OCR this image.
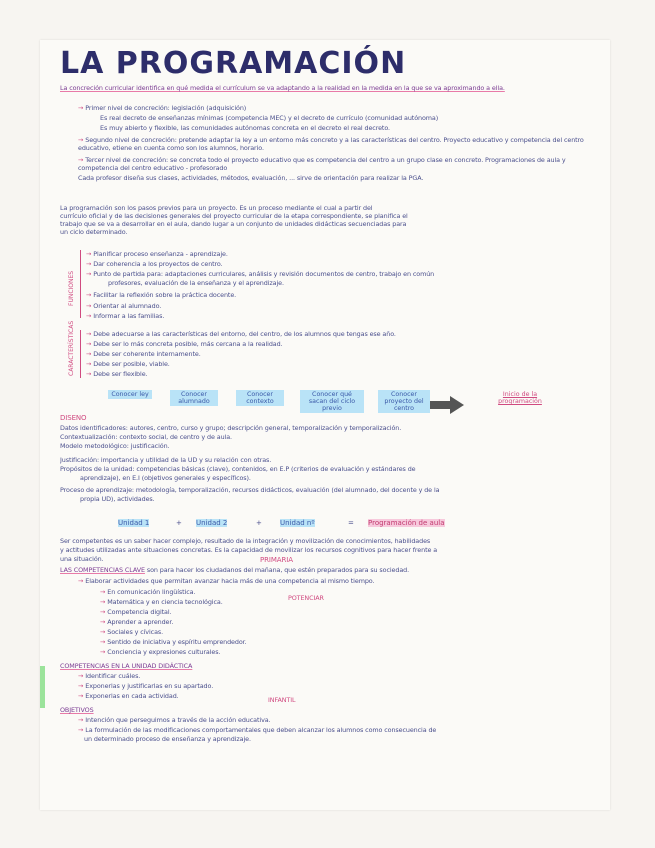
LA PROGRAMACIÓN
La concreción curricular identifica en qué medida el currículum se va adaptando a la realidad en la medida en la que se va aproximando a ella.
→ Primer nivel de concreción: legislación (adquisición)
Es real decreto de enseñanzas mínimas (competencia MEC) y el decreto de currículo (comunidad autónoma)
Es muy abierto y flexible, las comunidades autónomas concreta en el decreto el real decreto.
→ Segundo nivel de concreción: pretende adaptar la ley a un entorno más concreto y a las características del centro. Proyecto educativo y competencia del centro educativo, etiene en cuenta como son los alumnos, horario.
→ Tercer nivel de concreción: se concreta todo el proyecto educativo que es competencia del centro a un grupo clase en concreto. Programaciones de aula y competencia del centro educativo - profesorado
Cada profesor diseña sus clases, actividades, métodos, evaluación, ... sirve de orientación para realizar la PGA.
La programación son los pasos previos para un proyecto. Es un proceso mediante el cual a partir del
currículo oficial y de las decisiones generales del proyecto curricular de la etapa correspondiente, se planifica el
trabajo que se va a desarrollar en el aula, dando lugar a un conjunto de unidades didácticas secuenciadas para
un ciclo determinado.
FUNCIONES
→ Planificar proceso enseñanza - aprendizaje.
→ Dar coherencia a los proyectos de centro.
→ Punto de partida para: adaptaciones curriculares, análisis y revisión documentos de centro, trabajo en común
profesores, evaluación de la enseñanza y el aprendizaje.
→ Facilitar la reflexión sobre la práctica docente.
→ Orientar al alumnado.
→ Informar a las familias.
CARACTERÍSTICAS → Debe adecuarse a las características del entorno, del centro, de los alumnos que tengas ese año.
→ Debe ser lo más concreta posible, más cercana a la realidad.
→ Debe ser coherente internamente.
→ Debe ser posible, viable.
→ Debe ser flexible.
Conocer ley	Conocer alumnado
Conocer contexto
Conocer qué sacan del ciclo previo
Conocer proyecto del centro
Inicio de la programación
DISEÑO
Datos identificadores: autores, centro, curso y grupo; descripción general, temporalización y temporalización.
Contextualización: contexto social, de centro y de aula.
Modelo metodológico: justificación.
Justificación: importancia y utilidad de la UD y su relación con otras.
Propósitos de la unidad: competencias básicas (clave), contenidos, en E.P (criterios de evaluación y estándares de
aprendizaje), en E.I (objetivos generales y específicos).
Proceso de aprendizaje: metodología, temporalización, recursos didácticos, evaluación (del alumnado, del docente y de la
propia UD), actividades.
Unidad 1	+ Unidad 2	+	Unidad nº	= Programación de aula
Ser competentes es un saber hacer complejo, resultado de la integración y movilización de conocimientos, habilidades
y actitudes utilizadas ante situaciones concretas. Es la capacidad de movilizar los recursos cognitivos para hacer frente a
una situación.	PRIMARIA
LAS COMPETENCIAS CLAVE son para hacer los ciudadanos del mañana, que estén preparados para su sociedad.
→ Elaborar actividades que permitan avanzar hacia más de una competencia al mismo tiempo.
→ En comunicación lingüística.
→ Matemática y en ciencia tecnológica.	POTENCIAR
→ Competencia digital.
→ Aprender a aprender.
→ Sociales y cívicas.
→ Sentido de iniciativa y espíritu emprendedor.
→ Conciencia y expresiones culturales.
COMPETENCIAS EN LA UNIDAD DIDÁCTICA
→ Identificar cuáles.
→ Exponerlas y justificarlas en su apartado.
→ Exponerlas en cada actividad.	INFANTIL
OBJETIVOS
→ Intención que perseguimos a través de la acción educativa.
→ La formulación de las modificaciones comportamentales que deben alcanzar los alumnos como consecuencia de
un determinado proceso de enseñanza y aprendizaje.
